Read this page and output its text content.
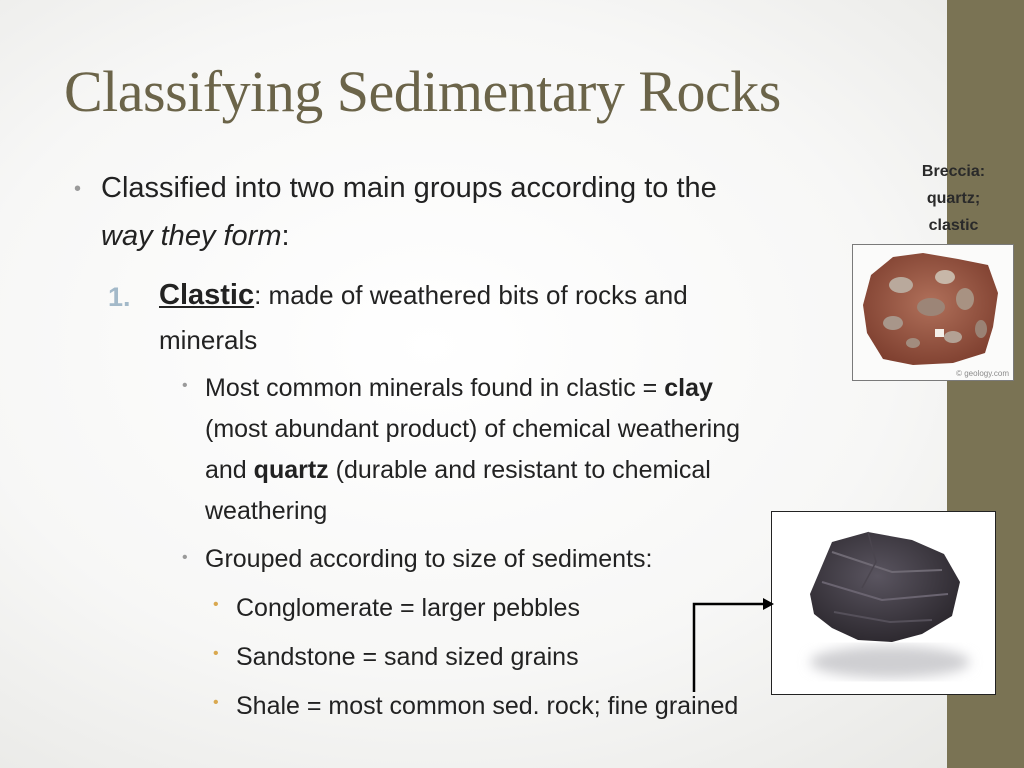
Classifying Sedimentary Rocks
• Classified into two main groups according to the
way they form:
1. Clastic: made of weathered bits of rocks and
minerals
• Most common minerals found in clastic = clay
(most abundant product) of chemical weathering
and quartz (durable and resistant to chemical
weathering
• Grouped according to size of sediments:
• Conglomerate = larger pebbles
• Sandstone = sand sized grains
• Shale = most common sed. rock; fine grained
Breccia:
quartz;
clastic
© geology.com
